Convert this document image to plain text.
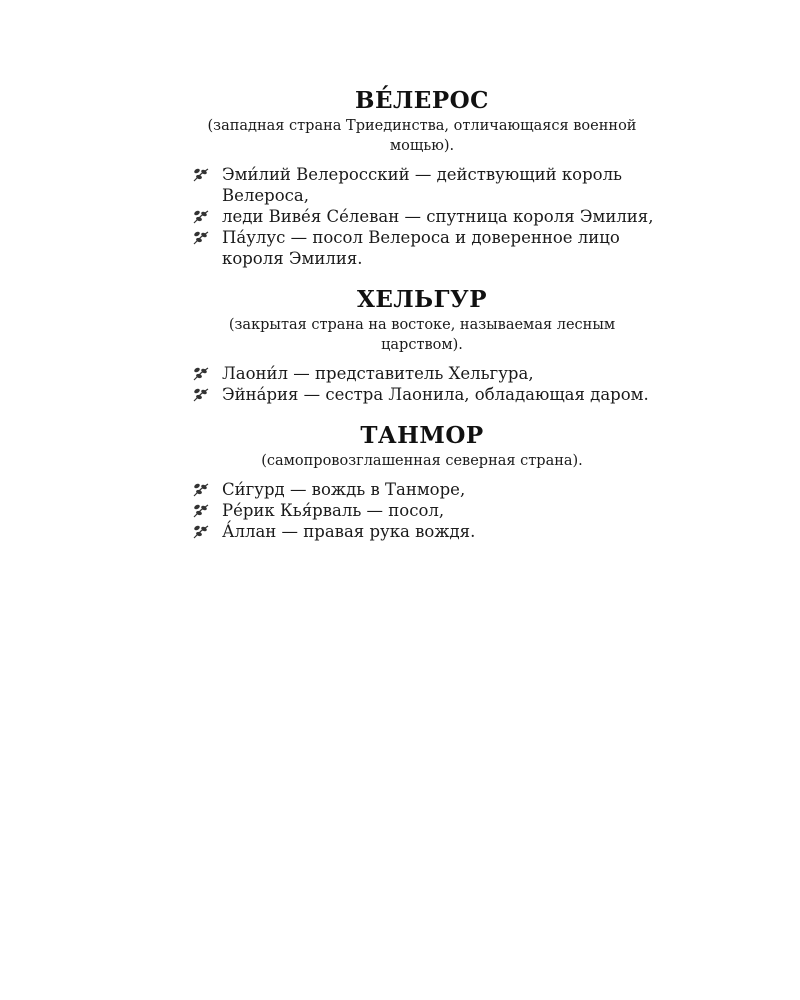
ВЕ́ЛЕРОС

(западная страна Триединства, отличающаяся военной мощью).

Эми́лий Велеросский — действующий король Велероса,
леди Виве́я Се́леван — спутница короля Эмилия,
Па́улус — посол Велероса и доверенное лицо короля Эмилия.
ХЕЛЬГУР

(закрытая страна на востоке, называемая лесным царством).

Лаони́л — представитель Хельгура,
Эйна́рия — сестра Лаонила, обладающая даром.
ТАНМОР

(самопровозглашенная северная страна).

Си́гурд — вождь в Танморе,
Ре́рик Кья́рваль — посол,
А́ллан — правая рука вождя.
